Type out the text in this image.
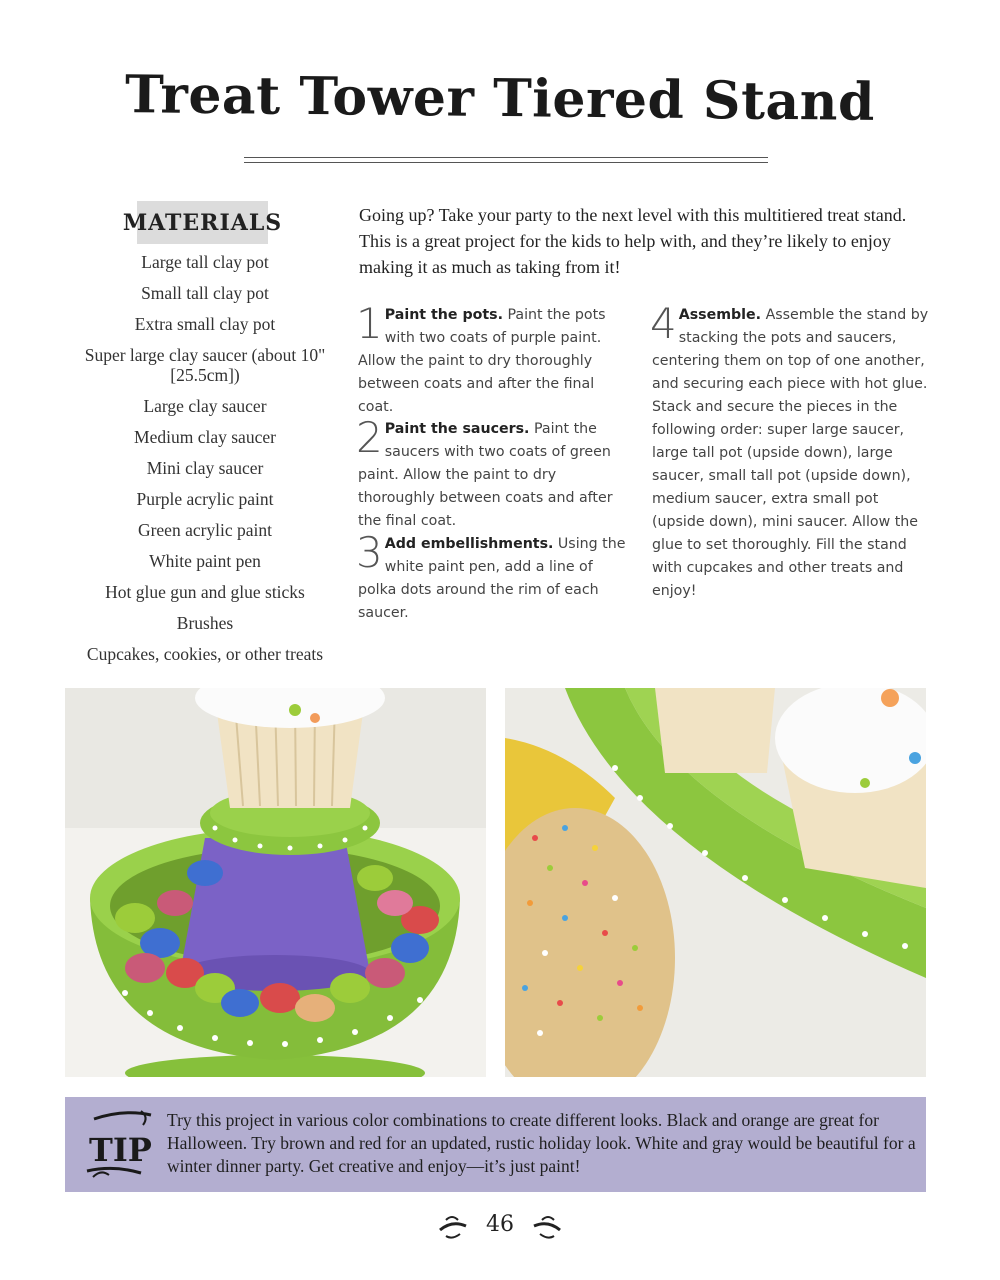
Treat Tower Tiered Stand
MATERIALS
Large tall clay pot
Small tall clay pot
Extra small clay pot
Super large clay saucer (about 10" [25.5cm])
Large clay saucer
Medium clay saucer
Mini clay saucer
Purple acrylic paint
Green acrylic paint
White paint pen
Hot glue gun and glue sticks
Brushes
Cupcakes, cookies, or other treats
Going up? Take your party to the next level with this multitiered treat stand. This is a great project for the kids to help with, and they’re likely to enjoy making it as much as taking from it!
1 Paint the pots. Paint the pots with two coats of purple paint. Allow the paint to dry thoroughly between coats and after the final coat.
2 Paint the saucers. Paint the saucers with two coats of green paint. Allow the paint to dry thoroughly between coats and after the final coat.
3 Add embellishments. Using the white paint pen, add a line of polka dots around the rim of each saucer.
4 Assemble. Assemble the stand by stacking the pots and saucers, centering them on top of one another, and securing each piece with hot glue. Stack and secure the pieces in the following order: super large saucer, large tall pot (upside down), large saucer, small tall pot (upside down), medium saucer, extra small pot (upside down), mini saucer. Allow the glue to set thoroughly. Fill the stand with cupcakes and other treats and enjoy!
TIP
Try this project in various color combinations to create different looks. Black and orange are great for Halloween. Try brown and red for an updated, rustic holiday look. White and gray would be beautiful for a winter dinner party. Get creative and enjoy—it’s just paint!
46
